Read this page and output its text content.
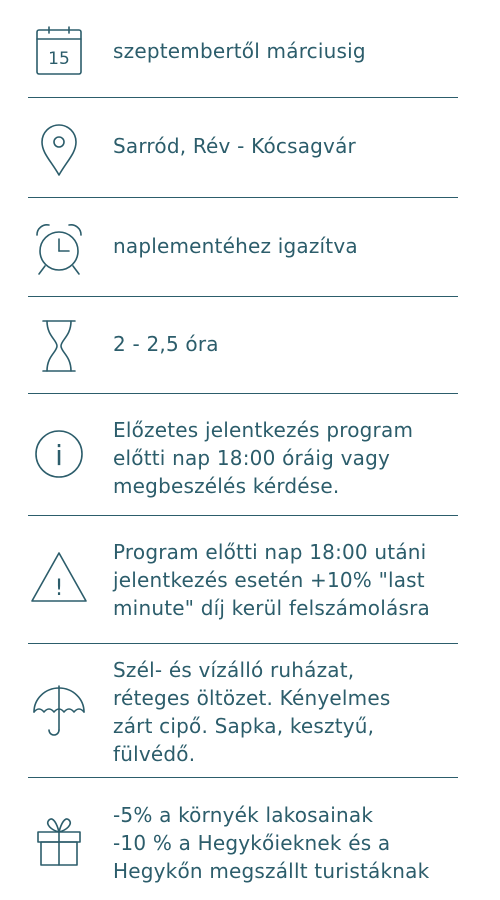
15 szeptembertől márciusig
Sarród, Rév - Kócsagvár
naplementéhez igazítva
2 - 2,5 óra
i
Előzetes jelentkezés program
előtti nap 18:00 óráig vagy
megbeszélés kérdése.
!
Program előtti nap 18:00 utáni
jelentkezés esetén +10% "last
minute" díj kerül felszámolásra
Szél- és vízálló ruházat,
réteges öltözet. Kényelmes
zárt cipő. Sapka, kesztyű,
fülvédő.
-5% a környék lakosainak
-10 % a Hegykőieknek és a
Hegykőn megszállt turistáknak
